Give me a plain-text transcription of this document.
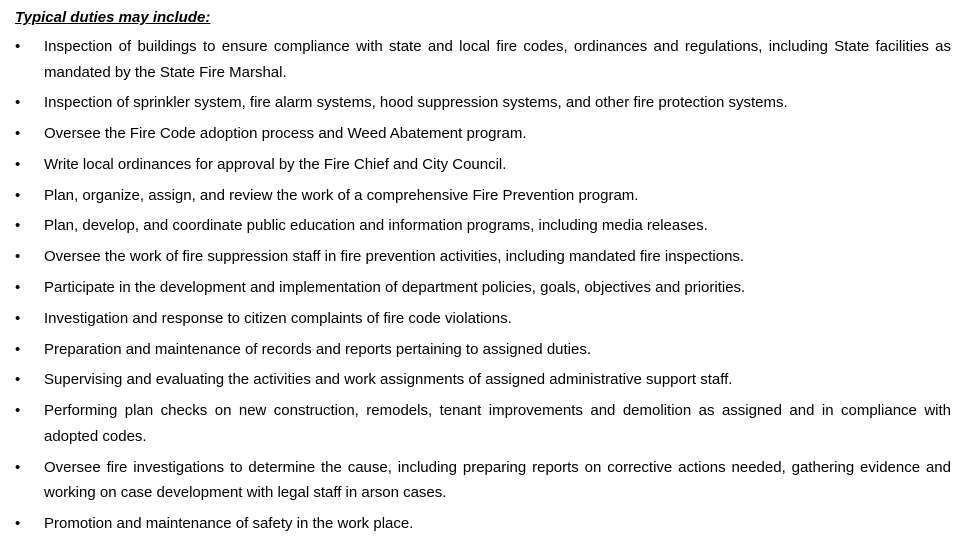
Typical duties may include:
•	Inspection of buildings to ensure compliance with state and local fire codes, ordinances and regulations, including State facilities as mandated by the State Fire Marshal.
•	Inspection of sprinkler system, fire alarm systems, hood suppression systems, and other fire protection systems.
•	Oversee the Fire Code adoption process and Weed Abatement program.
•	Write local ordinances for approval by the Fire Chief and City Council.
•	Plan, organize, assign, and review the work of a comprehensive Fire Prevention program.
•	Plan, develop, and coordinate public education and information programs, including media releases.
•	Oversee the work of fire suppression staff in fire prevention activities, including mandated fire inspections.
•	Participate in the development and implementation of department policies, goals, objectives and priorities.
•	Investigation and response to citizen complaints of fire code violations.
•	Preparation and maintenance of records and reports pertaining to assigned duties.
•	Supervising and evaluating the activities and work assignments of assigned administrative support staff.
•	Performing plan checks on new construction, remodels, tenant improvements and demolition as assigned and in compliance with adopted codes.
•	Oversee fire investigations to determine the cause, including preparing reports on corrective actions needed, gathering evidence and working on case development with legal staff in arson cases.
•	Promotion and maintenance of safety in the work place.
